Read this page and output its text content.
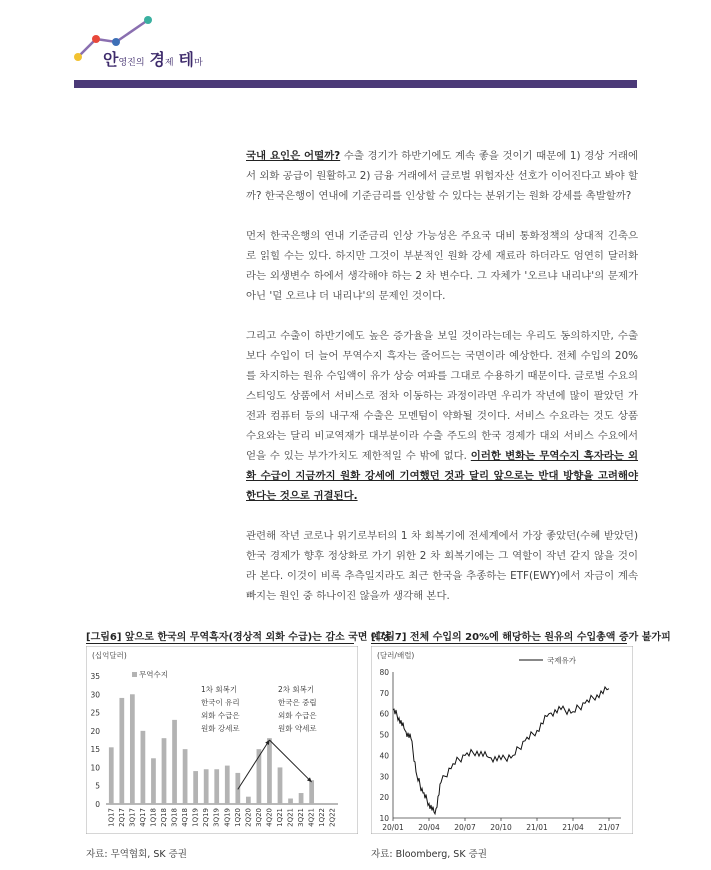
안영진의 경제 테마

국내 요인은 어떨까? 수출 경기가 하반기에도 계속 좋을 것이기 때문에 1) 경상 거래에서 외화 공급이 원활하고 2) 금융 거래에서 글로벌 위험자산 선호가 이어진다고 봐야 할까? 한국은행이 연내에 기준금리를 인상할 수 있다는 분위기는 원화 강세를 촉발할까?

먼저 한국은행의 연내 기준금리 인상 가능성은 주요국 대비 통화정책의 상대적 긴축으로 읽힐 수는 있다. 하지만 그것이 부분적인 원화 강세 재료라 하더라도 엄연히 달러화라는 외생변수 하에서 생각해야 하는 2 차 변수다. 그 자체가 '오르냐 내리냐'의 문제가 아닌 '덜 오르냐 더 내리냐'의 문제인 것이다.

그리고 수출이 하반기에도 높은 증가율을 보일 것이라는데는 우리도 동의하지만, 수출보다 수입이 더 늘어 무역수지 흑자는 줄어드는 국면이라 예상한다. 전체 수입의 20%를 차지하는 원유 수입액이 유가 상승 여파를 그대로 수용하기 때문이다. 글로벌 수요의 스티잉도 상품에서 서비스로 점차 이동하는 과정이라면 우리가 작년에 많이 팔았던 가전과 컴퓨터 등의 내구재 수출은 모멘텀이 약화될 것이다. 서비스 수요라는 것도 상품 수요와는 달리 비교역재가 대부분이라 수출 주도의 한국 경제가 대외 서비스 수요에서 얻을 수 있는 부가가치도 제한적일 수 밖에 없다. 이러한 변화는 무역수지 흑자라는 외화 수급이 지금까지 원화 강세에 기여했던 것과 달리 앞으로는 반대 방향을 고려해야 한다는 것으로 귀결된다.

관련해 작년 코로나 위기로부터의 1 차 회복기에 전세계에서 가장 좋았던(수혜 받았던) 한국 경제가 향후 정상화로 가기 위한 2 차 회복기에는 그 역할이 작년 같지 않을 것이라 본다. 이것이 비록 추측일지라도 최근 한국을 추종하는 ETF(EWY)에서 자금이 계속 빠지는 원인 중 하나이진 않을까 생각해 본다.

[그림6] 앞으로 한국의 무역흑자(경상적 외화 수급)는 감소 국면 예상
(십억달러)
0
5
10
15
20
25
30
35
1Q17 2Q17 3Q17 4Q17 1Q18 2Q18 3Q18 4Q18 1Q19 2Q19 3Q19 4Q19 1Q20 2Q20 3Q20 4Q20 1Q21 2Q21 3Q21 4Q21 1Q22 2Q22
무역수지
1차 회복기
한국이 유리
외화 수급은
원화 강세로
2차 회복기
한국은 중립
외화 수급은
원화 약세로
자료: 무역협회, SK 증권
[그림7] 전체 수입의 20%에 해당하는 원유의 수입총액 증가 불가피
(달러/배럴)
10
20
30
40
50
60
70
80
20/01 20/04 20/07 20/10 21/01 21/04 21/07
국제유가
자료: Bloomberg, SK 증권
